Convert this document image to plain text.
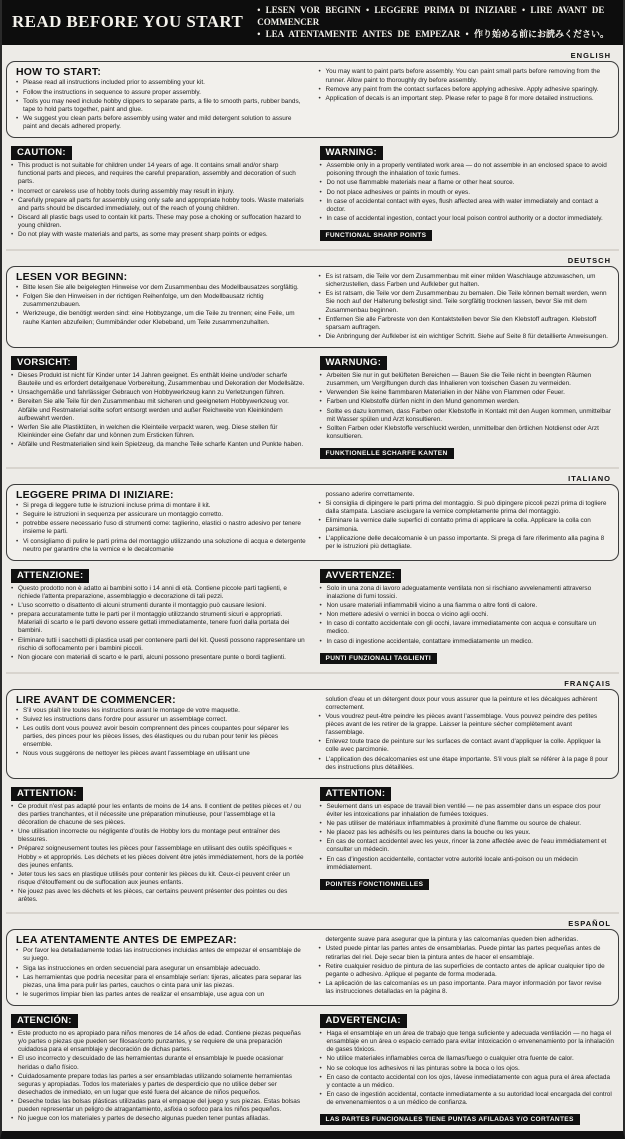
READ BEFORE YOU START
• LESEN VOR BEGINN • LEGGERE PRIMA DI INIZIARE • LIRE AVANT DE COMMENCER
• LEA ATENTAMENTE ANTES DE EMPEZAR • 作り始める前にお読みください。
ENGLISH
HOW TO START:
• Please read all instructions included prior to assembling your kit.
• Follow the instructions in sequence to assure proper assembly.
• Tools you may need include hobby clippers to separate parts, a file to smooth parts, rubber bands, tape to hold parts together, paint and glue.
• We suggest you clean parts before assembly using water and mild detergent solution to assure paint and decals adhered properly.
• You may want to paint parts before assembly. You can paint small parts before removing from the runner. Allow paint to thoroughly dry before assembly.
• Remove any paint from the contact surfaces before applying adhesive. Apply adhesive sparingly.
• Application of decals is an important step. Please refer to page 8 for more detailed instructions.
CAUTION:
• This product is not suitable for children under 14 years of age. It contains small and/or sharp functional parts and pieces, and requires the careful preparation, assembly and decoration of such parts.
• Incorrect or careless use of hobby tools during assembly may result in injury.
• Carefully prepare all parts for assembly using only safe and appropriate hobby tools. Waste materials and parts should be discarded immediately, out of the reach of young children.
• Discard all plastic bags used to contain kit parts. These may pose a choking or suffocation hazard to young children.
• Do not play with waste materials and parts, as some may present sharp points or edges.
WARNING:
• Assemble only in a properly ventilated work area — do not assemble in an enclosed space to avoid poisoning through the inhalation of toxic fumes.
• Do not use flammable materials near a flame or other heat source.
• Do not place adhesives or paints in mouth or eyes.
• In case of accidental contact with eyes, flush affected area with water immediately and contact a doctor.
• In case of accidental ingestion, contact your local poison control authority or a doctor immediately.
FUNCTIONAL SHARP POINTS
DEUTSCH
LESEN VOR BEGINN:
• Bitte lesen Sie alle beigelegten Hinweise vor dem Zusammenbau des Modellbausatzes sorgfältig.
• Folgen Sie den Hinweisen in der richtigen Reihenfolge, um den Modellbausatz richtig zusammenzubauen.
• Werkzeuge, die benötigt werden sind: eine Hobbyzange, um die Teile zu trennen; eine Feile, um rauhe Kanten abzufeilen; Gummibänder oder Klebeband, um Teile zusammenzuhalten.
• Es ist ratsam, die Teile vor dem Zusammenbau mit einer milden Waschlauge abzuwaschen, um sicherzustellen, dass Farben und Aufkleber gut halten.
• Es ist ratsam, die Teile vor dem Zusammenbau zu bemalen. Die Teile können bemalt werden, wenn Sie noch auf der Halterung befestigt sind. Teile sorgfältig trocknen lassen, bevor Sie mit dem Zusammenbau beginnen.
• Entfernen Sie alle Farbreste von den Kontaktstellen bevor Sie den Klebstoff auftragen. Klebstoff sparsam auftragen.
• Die Anbringung der Aufkleber ist ein wichtiger Schritt. Siehe auf Seite 8 für detaillierte Anweisungen.
VORSICHT:
• Dieses Produkt ist nicht für Kinder unter 14 Jahren geeignet. Es enthält kleine und/oder scharfe Bauteile und es erfordert detailgenaue Vorbereitung, Zusammenbau und Dekoration der Modellsätze.
• Unsachgemäße und fahrlässiger Gebrauch von Hobbywerkzeug kann zu Verletzungen führen.
• Bereiten Sie alle Teile für den Zusammenbau mit sicheren und geeignetem Hobbywerkzeug vor. Abfälle und Restmaterial sollte sofort entsorgt werden und außer Reichweite von Kleinkindern aufbewahrt werden.
• Werfen Sie alle Plastiktüten, in welchen die Kleinteile verpackt waren, weg. Diese stellen für Kleinkinder eine Gefahr dar und können zum Ersticken führen.
• Abfälle und Restmaterialien sind kein Spielzeug, da manche Teile scharfe Kanten und Punkte haben.
WARNUNG:
• Arbeiten Sie nur in gut belüfteten Bereichen — Bauen Sie die Teile nicht in beengten Räumen zusammen, um Vergiftungen durch das Inhalieren von toxischen Gasen zu vermeiden.
• Verwenden Sie keine flammbaren Materialien in der Nähe von Flammen oder Feuer.
• Farben und Klebstoffe dürfen nicht in den Mund genommen werden.
• Sollte es dazu kommen, dass Farben oder Klebstoffe in Kontakt mit den Augen kommen, unmittelbar mit Wasser spülen und Arzt konsultieren.
• Sollten Farben oder Klebstoffe verschluckt werden, unmittelbar den örtlichen Notdienst oder Arzt konsultieren.
FUNKTIONELLE SCHARFE KANTEN
ITALIANO
LEGGERE PRIMA DI INIZIARE:
• Si prega di leggere tutte le istruzioni incluse prima di montare il kit.
• Seguire le istruzioni in sequenza per assicurare un montaggio corretto.
• potrebbe essere necessario l'uso di strumenti come: taglierino, elastici o nastro adesivo per tenere insieme le parti.
• Vi consigliamo di pulire le parti prima del montaggio utilizzando una soluzione di acqua e detergente neutro per garantire che la vernice e le decalcomanie
possano aderire correttamente.
• Si consiglia di dipingere le parti prima del montaggio. Si può dipingere piccoli pezzi prima di togliere dalla stampata. Lasciare asciugare la vernice completamente prima del montaggio.
• Eliminare la vernice dalle superfici di contatto prima di applicare la colla. Applicare la colla con parsimonia.
• L'applicazione delle decalcomanie è un passo importante. Si prega di fare riferimento alla pagina 8 per le istruzioni più dettagliate.
ATTENZIONE:
• Questo prodotto non è adatto ai bambini sotto i 14 anni di età. Contiene piccole parti taglienti, e richiede l'attenta preparazione, assemblaggio e decorazione di tali pezzi.
• L'uso scorretto o disattento di alcuni strumenti durante il montaggio può causare lesioni.
• prepara accuratamente tutte le parti per il montaggio utilizzando strumenti sicuri e appropriati. Materiali di scarto e le parti devono essere gettati immediatamente, tenere fuori dalla portata dei bambini.
• Eliminare tutti i sacchetti di plastica usati per contenere parti del kit. Questi possono rappresentare un rischio di soffocamento per i bambini piccoli.
• Non giocare con materiali di scarto e le parti, alcuni possono presentare punte o bordi taglienti.
AVVERTENZE:
• Solo in una zona di lavoro adeguatamente ventilata non si rischiano avvelenamenti attraverso inalazione di fumi tossici.
• Non usare materiali infiammabili vicino a una fiamma o altre fonti di calore.
• Non mettere adesivi o vernici in bocca o vicino agli occhi.
• In caso di contatto accidentale con gli occhi, lavare immediatamente con acqua e consultare un medico.
• In caso di ingestione accidentale, contattare immediatamente un medico.
PUNTI FUNZIONALI TAGLIENTI
FRANÇAIS
LIRE AVANT DE COMMENCER:
• S'il vous plaît lire toutes les instructions avant le montage de votre maquette.
• Suivez les instructions dans l'ordre pour assurer un assemblage correct.
• Les outils dont vous pouvez avoir besoin comprennent des pinces coupantes pour séparer les parties, des pinces pour les pièces lisses, des élastiques ou du ruban pour tenir les pièces ensemble.
• Nous vous suggérons de nettoyer les pièces avant l'assemblage en utilisant une
solution d'eau et un détergent doux pour vous assurer que la peinture et les décalques adhèrent correctement.
• Vous voudrez peut-être peindre les pièces avant l'assemblage. Vous pouvez peindre des petites pièces avant de les retirer de la grappe. Laisser la peinture sécher complètement avant l'assemblage.
• Enlevez toute trace de peinture sur les surfaces de contact avant d'appliquer la colle. Appliquer la colle avec parcimonie.
• L'application des décalcomanies est une étape importante. S'il vous plaît se référer à la page 8 pour des instructions plus détaillées.
ATTENTION:
• Ce produit n'est pas adapté pour les enfants de moins de 14 ans. Il contient de petites pièces et / ou des parties tranchantes, et il nécessite une préparation minutieuse, pour l'assemblage et la décoration de chacune de ses pièces.
• Une utilisation incorrecte ou négligente d'outils de Hobby lors du montage peut entraîner des blessures.
• Préparez soigneusement toutes les pièces pour l'assemblage en utilisant des outils spécifiques « Hobby » et appropriés. Les déchets et les pièces doivent être jetés immédiatement, hors de la portée des jeunes enfants.
• Jeter tous les sacs en plastique utilisés pour contenir les pièces du kit. Ceux-ci peuvent créer un risque d'étouffement ou de suffocation aux jeunes enfants.
• Ne jouez pas avec les déchets et les pièces, car certains peuvent présenter des pointes ou des arêtes.
ATTENTION:
• Seulement dans un espace de travail bien ventilé — ne pas assembler dans un espace clos pour éviter les intoxications par inhalation de fumées toxiques.
• Ne pas utiliser de matériaux inflammables à proximité d'une flamme ou source de chaleur.
• Ne placez pas les adhésifs ou les peintures dans la bouche ou les yeux.
• En cas de contact accidentel avec les yeux, rincer la zone affectée avec de l'eau immédiatement et consulter un médecin.
• En cas d'ingestion accidentelle, contacter votre autorité locale anti-poison ou un médecin immédiatement.
POINTES FONCTIONNELLES
ESPAÑOL
LEA ATENTAMENTE ANTES DE EMPEZAR:
• Por favor lea detalladamente todas las instrucciones incluidas antes de empezar el ensamblaje de su juego.
• Siga las instrucciones en orden secuencial para asegurar un ensamblaje adecuado.
• Las herramientas que podría necesitar para el ensamblaje serían: tijeras, alicates para separar las piezas, una lima para pulir las partes, cauchos o cinta para unir las piezas.
• le sugerimos limpiar bien las partes antes de realizar el ensamblaje, use agua con un
detergente suave para asegurar que la pintura y las calcomanías queden bien adheridas.
• Usted puede pintar las partes antes de ensamblarlas. Puede pintar las partes pequeñas antes de retirarlas del riel. Deje secar bien la pintura antes de hacer el ensamblaje.
• Retire cualquier residuo de pintura de las superficies de contacto antes de aplicar cualquier tipo de pegante o adhesivo. Aplique el pegante de forma moderada.
• La aplicación de las calcomanías es un paso importante. Para mayor información por favor revise las instrucciones detalladas en la página 8.
ATENCIÓN:
• Este producto no es apropiado para niños menores de 14 años de edad. Contiene piezas pequeñas y/o partes o piezas que pueden ser filosas/corto punzantes, y se requiere de una preparación cuidadosa para el ensamblaje y decoración de dichas partes.
• El uso incorrecto y descuidado de las herramientas durante el ensamblaje le puede ocasionar heridas o daño físico.
• Cuidadosamente prepare todas las partes a ser ensambladas utilizando solamente herramientas seguras y apropiadas. Todos los materiales y partes de desperdicio que no utilice deber ser desechados de inmediato, en un lugar que esté fuera del alcance de niños pequeños.
• Deseche todas las bolsas plásticas utilizadas para el empaque del juego y sus piezas. Estas bolsas pueden representar un peligro de atragantamiento, asfixia o sofoco para los niños pequeños.
• No juegue con los materiales y partes de desecho algunas pueden tener puntas afiladas.
ADVERTENCIA:
• Haga el ensamblaje en un área de trabajo que tenga suficiente y adecuada ventilación — no haga el ensamblaje en un área o espacio cerrado para evitar intoxicación o envenenamiento por la inhalación de gases tóxicos.
• No utilice materiales inflamables cerca de llamas/fuego o cualquier otra fuente de calor.
• No se coloque los adhesivos ni las pinturas sobre la boca o los ojos.
• En caso de contacto accidental con los ojos, lávese inmediatamente con agua pura el área afectada y contacte a un médico.
• En caso de ingestión accidental, contacte inmediatamente a su autoridad local encargada del control de envenenamientos o a un médico de confianza.
LAS PARTES FUNCIONALES TIENE PUNTAS AFILADAS Y/O CORTANTES
